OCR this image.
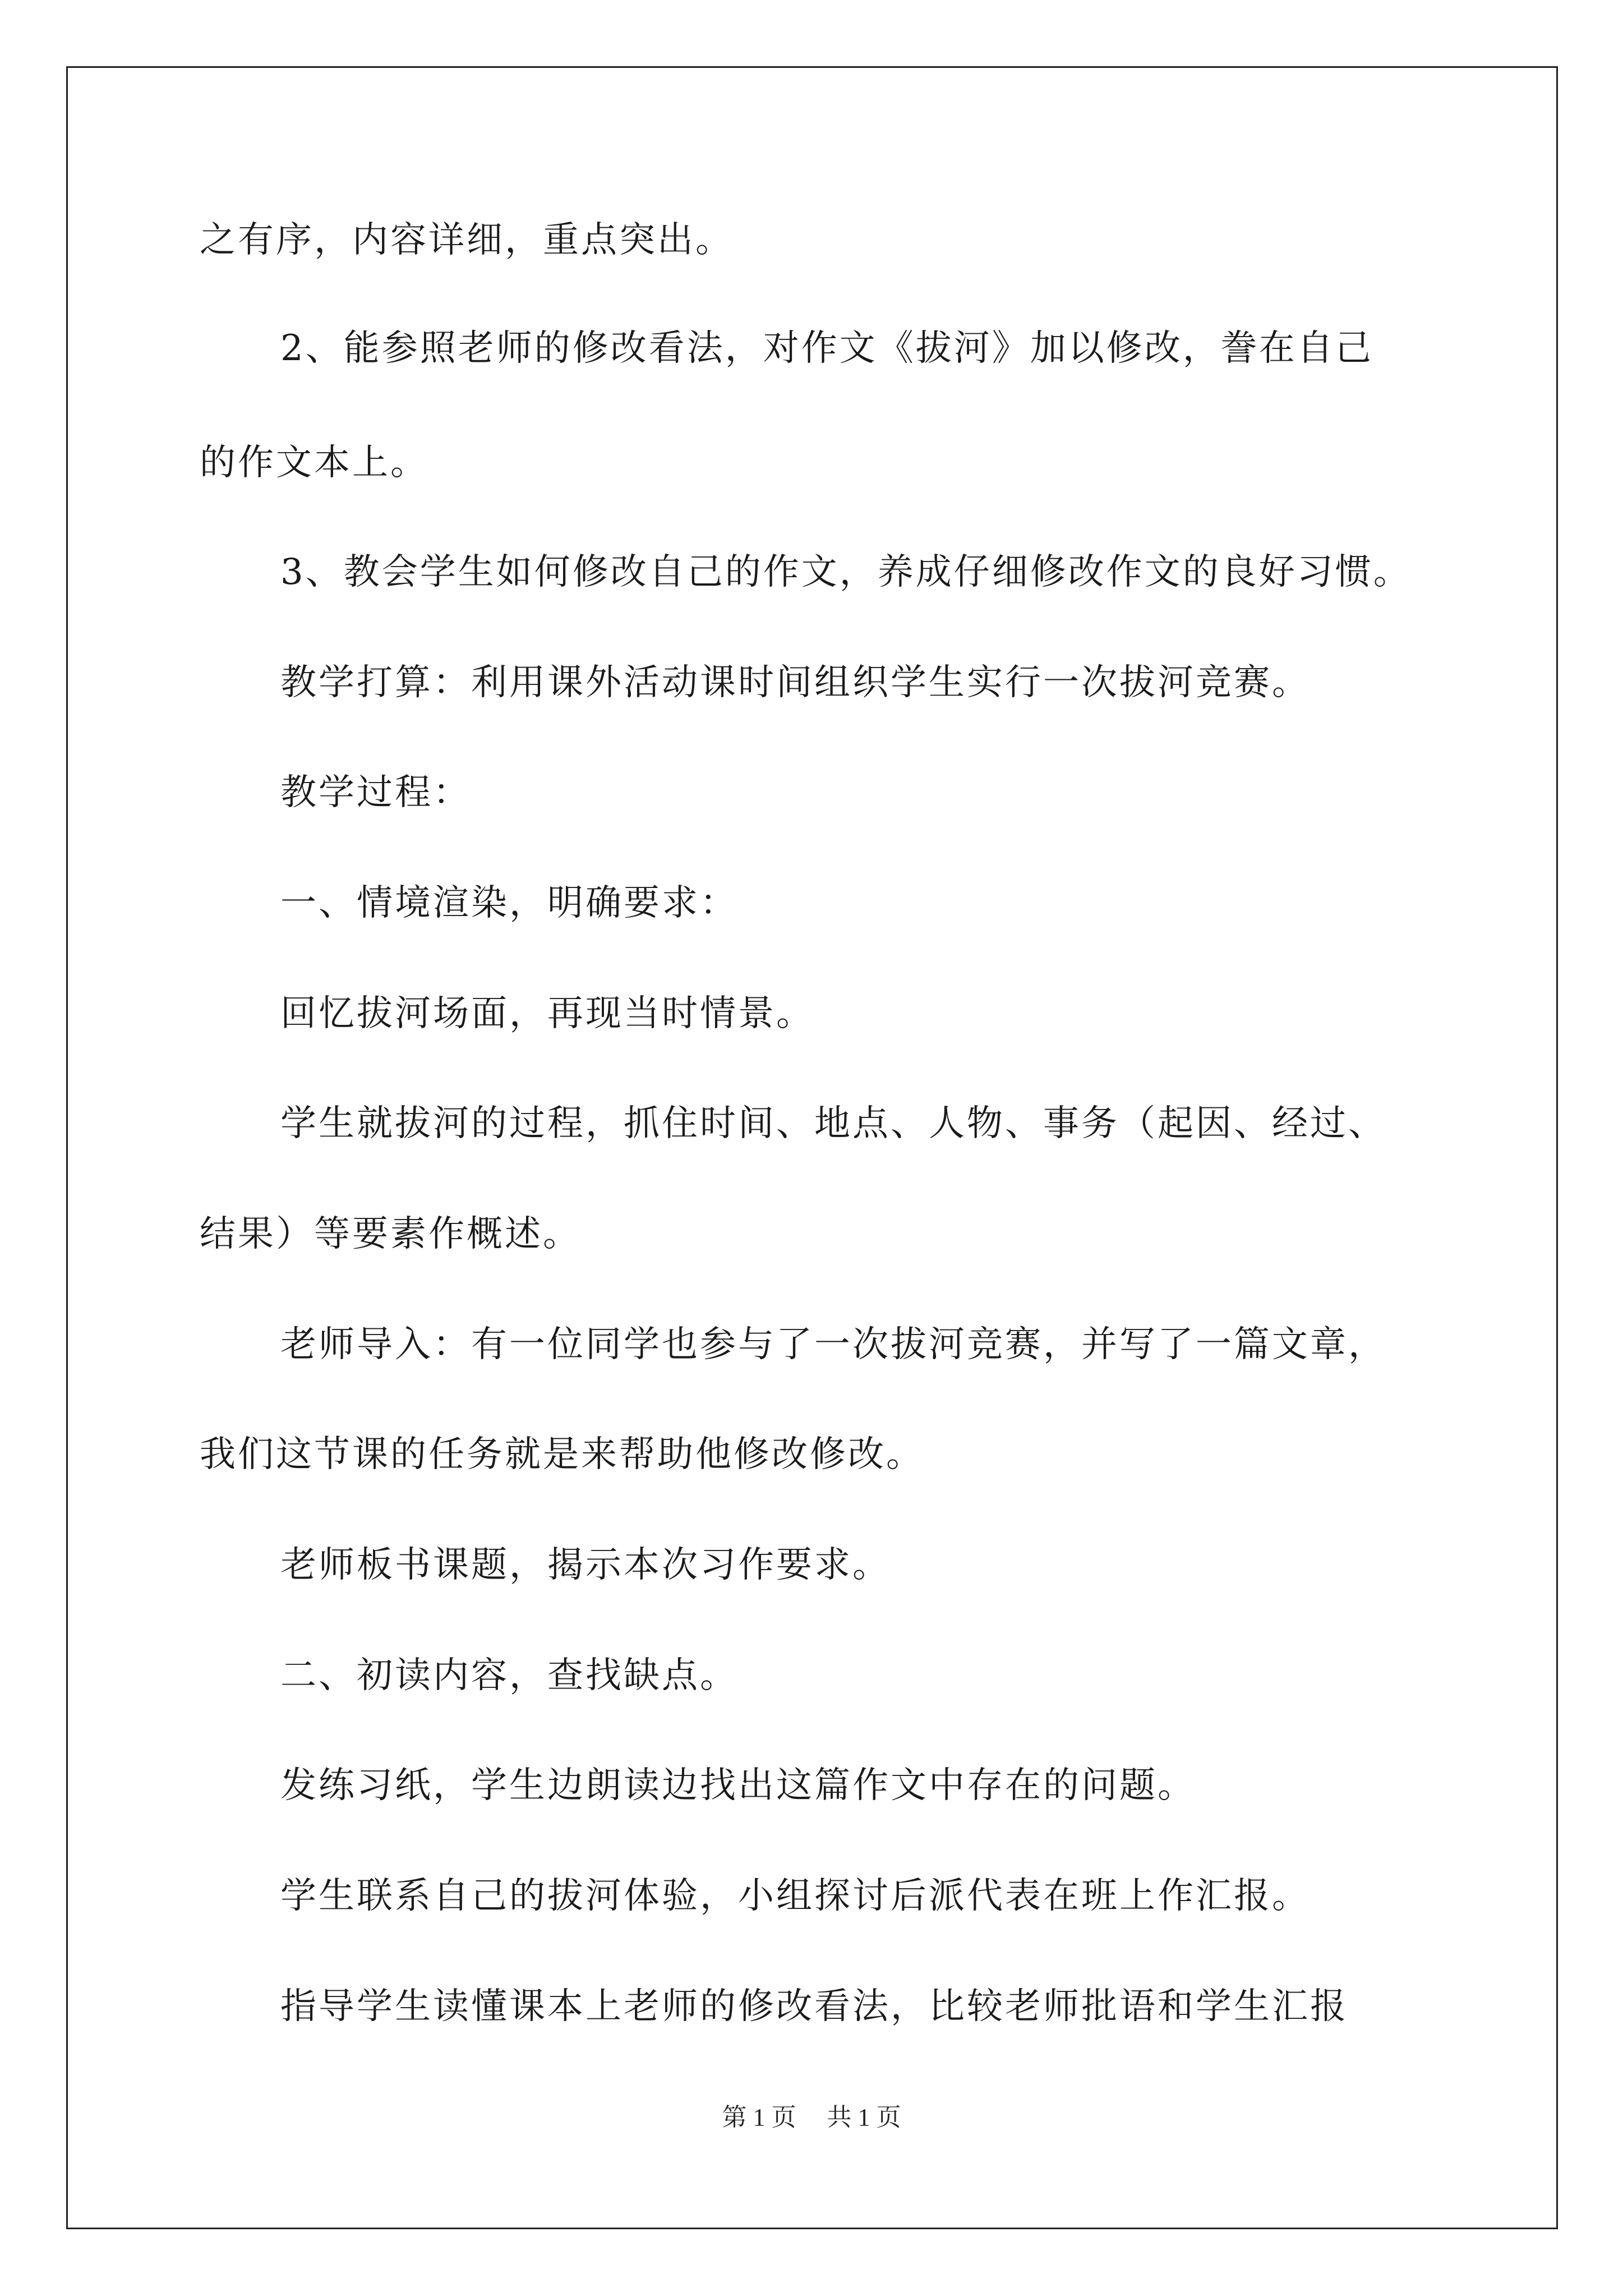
之有序，内容详细，重点突出。
2、能参照老师的修改看法，对作文《拔河》加以修改，誊在自己
的作文本上。
3、教会学生如何修改自己的作文，养成仔细修改作文的良好习惯。
教学打算：利用课外活动课时间组织学生实行一次拔河竞赛。
教学过程：
一、情境渲染，明确要求：
回忆拔河场面，再现当时情景。
学生就拔河的过程，抓住时间、地点、人物、事务（起因、经过、
结果）等要素作概述。
老师导入：有一位同学也参与了一次拔河竞赛，并写了一篇文章，
我们这节课的任务就是来帮助他修改修改。
老师板书课题，揭示本次习作要求。
二、初读内容，查找缺点。
发练习纸，学生边朗读边找出这篇作文中存在的问题。
学生联系自己的拔河体验，小组探讨后派代表在班上作汇报。
指导学生读懂课本上老师的修改看法，比较老师批语和学生汇报
第 1 页 共 1 页
